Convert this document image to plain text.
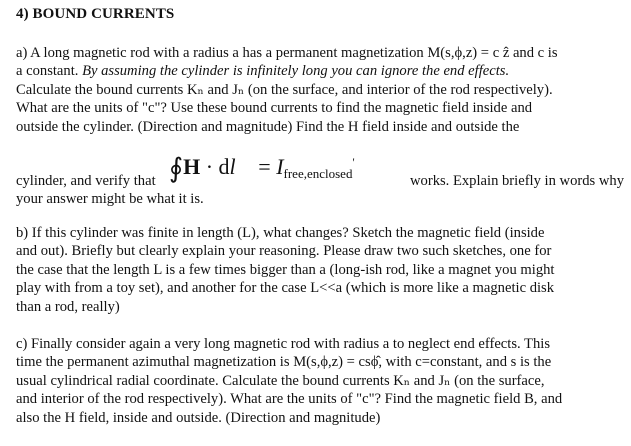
4) BOUND CURRENTS
a) A long magnetic rod with a radius a has a permanent magnetization M(s,ϕ,z) = c ẑ and c is
a constant. By assuming the cylinder is infinitely long you can ignore the end effects.
Calculate the bound currents Kₙ and Jₙ (on the surface, and interior of the rod respectively).
What are the units of "c"? Use these bound currents to find the magnetic field inside and
outside the cylinder. (Direction and magnitude) Find the H field inside and outside the
cylinder, and verify that ∮H · dl⃗ = $I_{free,enclosed}'$
works. Explain briefly in words why
your answer might be what it is.
b) If this cylinder was finite in length (L), what changes? Sketch the magnetic field (inside
and out). Briefly but clearly explain your reasoning. Please draw two such sketches, one for
the case that the length L is a few times bigger than a (long-ish rod, like a magnet you might
play with from a toy set), and another for the case L<<a (which is more like a magnetic disk
than a rod, really)
c) Finally consider again a very long magnetic rod with radius a to neglect end effects. This
time the permanent azimuthal magnetization is M(s,ϕ,z) = csϕ̂, with c=constant, and s is the
usual cylindrical radial coordinate. Calculate the bound currents Kₙ and Jₙ (on the surface,
and interior of the rod respectively). What are the units of "c"? Find the magnetic field B, and
also the H field, inside and outside. (Direction and magnitude)
